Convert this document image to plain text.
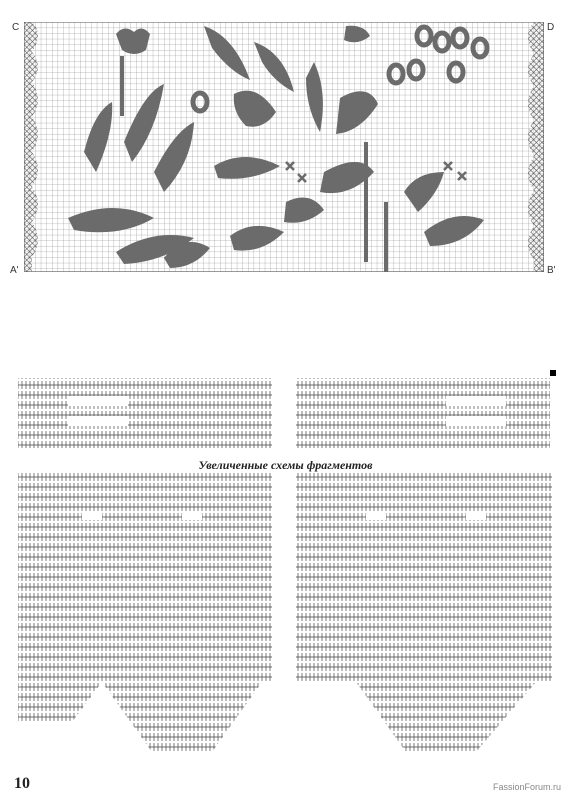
C	D
A'	B'
Увеличенные схемы фрагментов
10	FassionForum.ru
